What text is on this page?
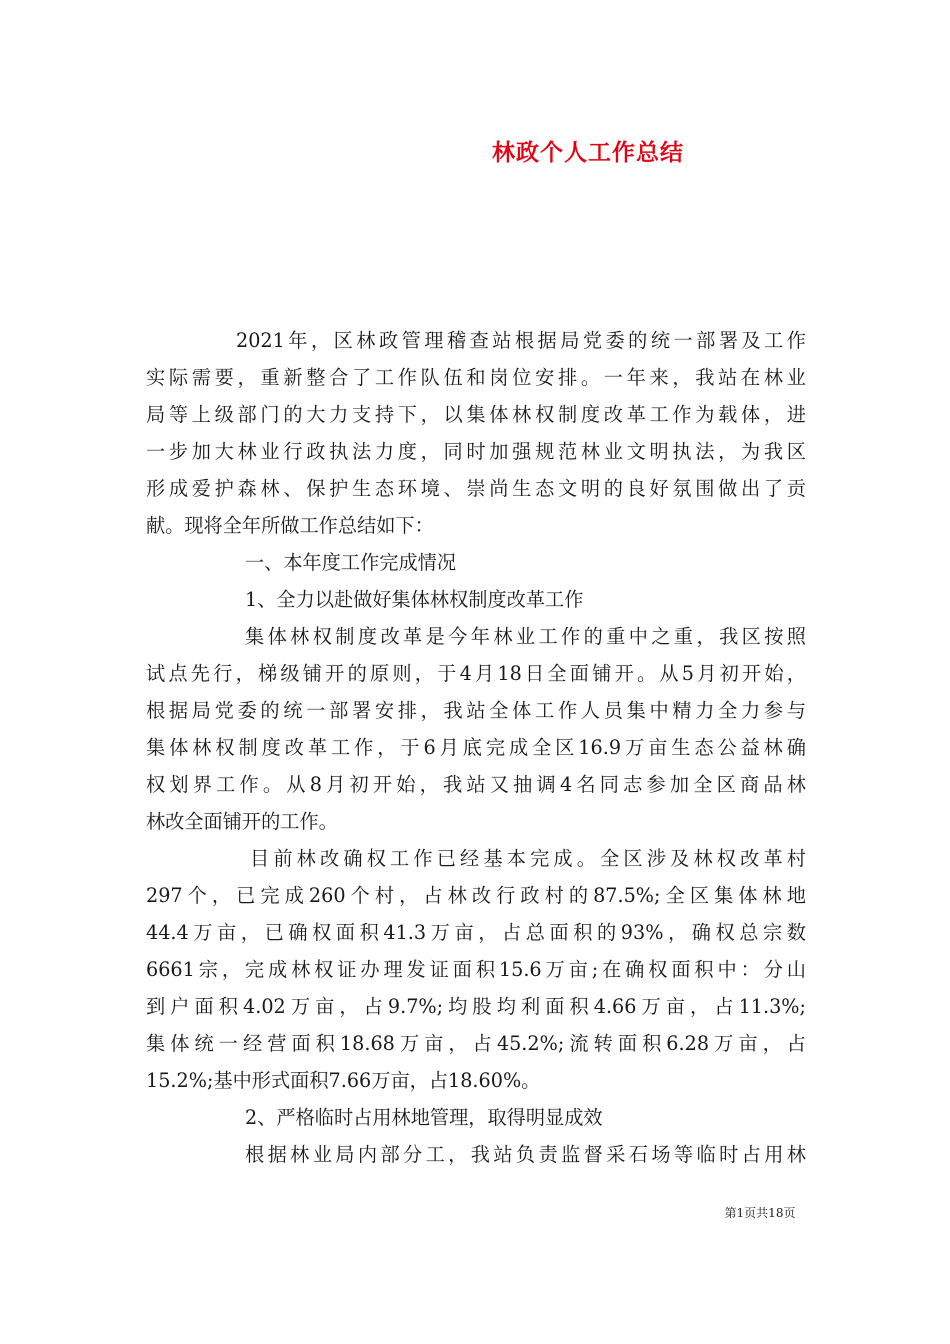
林政个人工作总结
2021年，区林政管理稽查站根据局党委的统一部署及工作
实际需要，重新整合了工作队伍和岗位安排。一年来，我站在林业
局等上级部门的大力支持下，以集体林权制度改革工作为载体，进
一步加大林业行政执法力度，同时加强规范林业文明执法，为我区
形成爱护森林、保护生态环境、崇尚生态文明的良好氛围做出了贡
献。现将全年所做工作总结如下：
一、本年度工作完成情况
1、全力以赴做好集体林权制度改革工作
集体林权制度改革是今年林业工作的重中之重，我区按照
试点先行，梯级铺开的原则，于4月18日全面铺开。从5月初开始，
根据局党委的统一部署安排，我站全体工作人员集中精力全力参与
集体林权制度改革工作，于6月底完成全区16.9万亩生态公益林确
权划界工作。从8月初开始，我站又抽调4名同志参加全区商品林
林改全面铺开的工作。
目前林改确权工作已经基本完成。全区涉及林权改革村
297个，已完成260个村，占林改行政村的87.5%;全区集体林地
44.4万亩，已确权面积41.3万亩，占总面积的93%，确权总宗数
6661宗，完成林权证办理发证面积15.6万亩;在确权面积中：分山
到户面积4.02万亩，占9.7%;均股均利面积4.66万亩，占11.3%;
集体统一经营面积18.68万亩，占45.2%;流转面积6.28万亩，占
15.2%;基中形式面积7.66万亩，占18.60%。
2、严格临时占用林地管理，取得明显成效
根据林业局内部分工，我站负责监督采石场等临时占用林
第1页共18页
